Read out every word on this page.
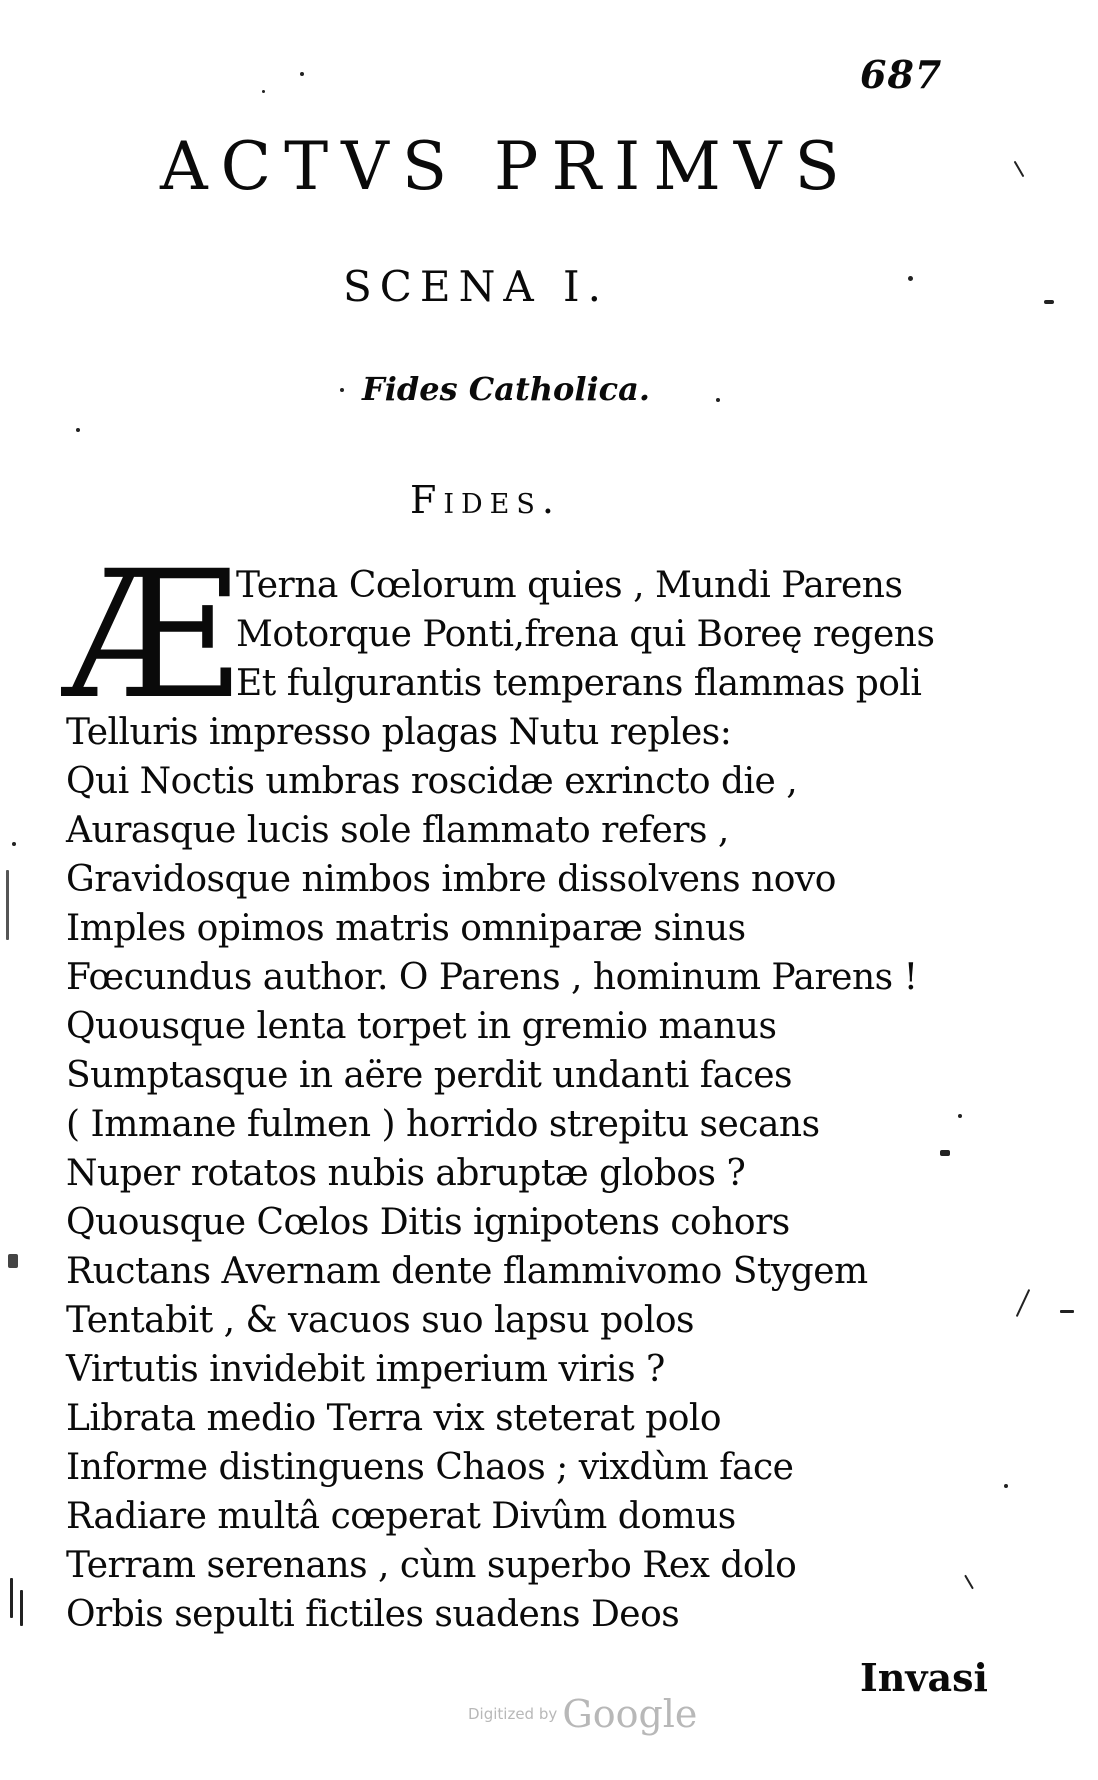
687
ACTVS PRIMVS
SCENA I.
Fides Catholica.
Fides.
Æ
Terna Cœlorum quies , Mundi Parens
Motorque Ponti,frena qui Boreę regens
Et fulgurantis temperans flammas poli
Telluris impresso plagas Nutu reples:
Qui Noctis umbras roscidæ exrincto die ,
Aurasque lucis sole flammato refers ,
Gravidosque nimbos imbre dissolvens novo
Imples opimos matris omniparæ sinus
Fœcundus author. O Parens , hominum Parens !
Quousque lenta torpet in gremio manus
Sumptasque in aëre perdit undanti faces
( Immane fulmen ) horrido strepitu secans
Nuper rotatos nubis abruptæ globos ?
Quousque Cœlos Ditis ignipotens cohors
Ructans Avernam dente flammivomo Stygem
Tentabit , & vacuos suo lapsu polos
Virtutis invidebit imperium viris ?
Librata medio Terra vix steterat polo
Informe distinguens Chaos ; vixdùm face
Radiare multâ cœperat Divûm domus
Terram serenans , cùm superbo Rex dolo
Orbis sepulti fictiles suadens Deos
Invasi
Digitized by Google
